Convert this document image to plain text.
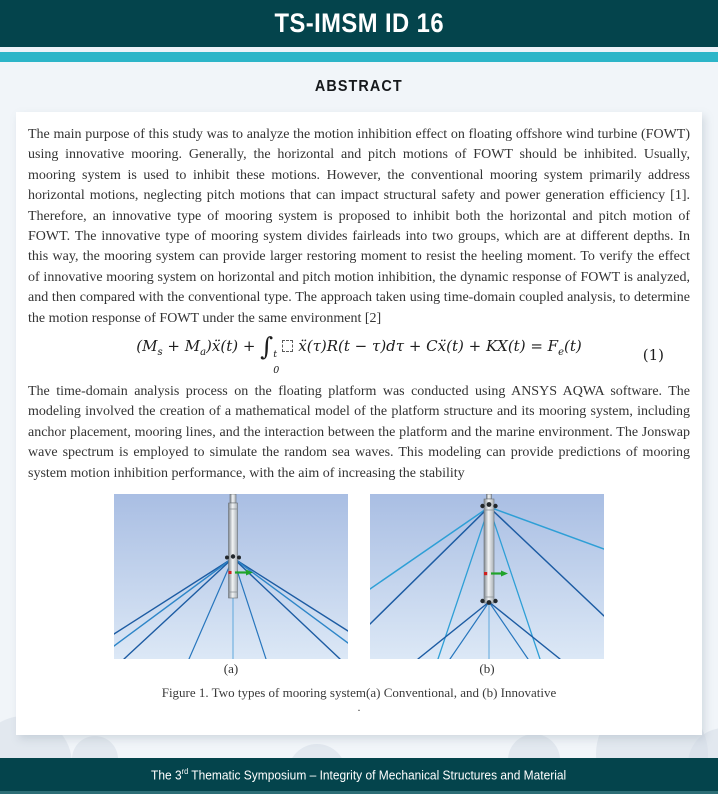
TS-IMSM ID 16
ABSTRACT

The main purpose of this study was to analyze the motion inhibition effect on floating offshore wind turbine (FOWT) using innovative mooring. Generally, the horizontal and pitch motions of FOWT should be inhibited. Usually, mooring system is used to inhibit these motions. However, the conventional mooring system primarily address horizontal motions, neglecting pitch motions that can impact structural safety and power generation efficiency [1]. Therefore, an innovative type of mooring system is proposed to inhibit both the horizontal and pitch motion of FOWT. The innovative type of mooring system divides fairleads into two groups, which are at different depths. In this way, the mooring system can provide larger restoring moment to resist the heeling moment. To verify the effect of innovative mooring system on horizontal and pitch motion inhibition, the dynamic response of FOWT is analyzed, and then compared with the conventional type. The approach taken using time-domain coupled analysis, to determine the motion response of FOWT under the same environment [2]

($M_s$ + $M_a)ẍ(t)$ + ∫ t
0
ẍ(τ)R(t − τ)dτ + Cẍ(t) + $KX(t) = F_e(t)$	(1)

The time-domain analysis process on the floating platform was conducted using ANSYS AQWA software. The modeling involved the creation of a mathematical model of the platform structure and its mooring system, including anchor placement, mooring lines, and the interaction between the platform and the marine environment. The Jonswap wave spectrum is employed to simulate the random sea waves. This modeling can provide predictions of mooring system motion inhibition performance, with the aim of increasing the stability

(a)	(b)
Figure 1. Two types of mooring system(a) Conventional, and (b) Innovative
.
The 3rd Thematic Symposium – Integrity of Mechanical Structures and Material
